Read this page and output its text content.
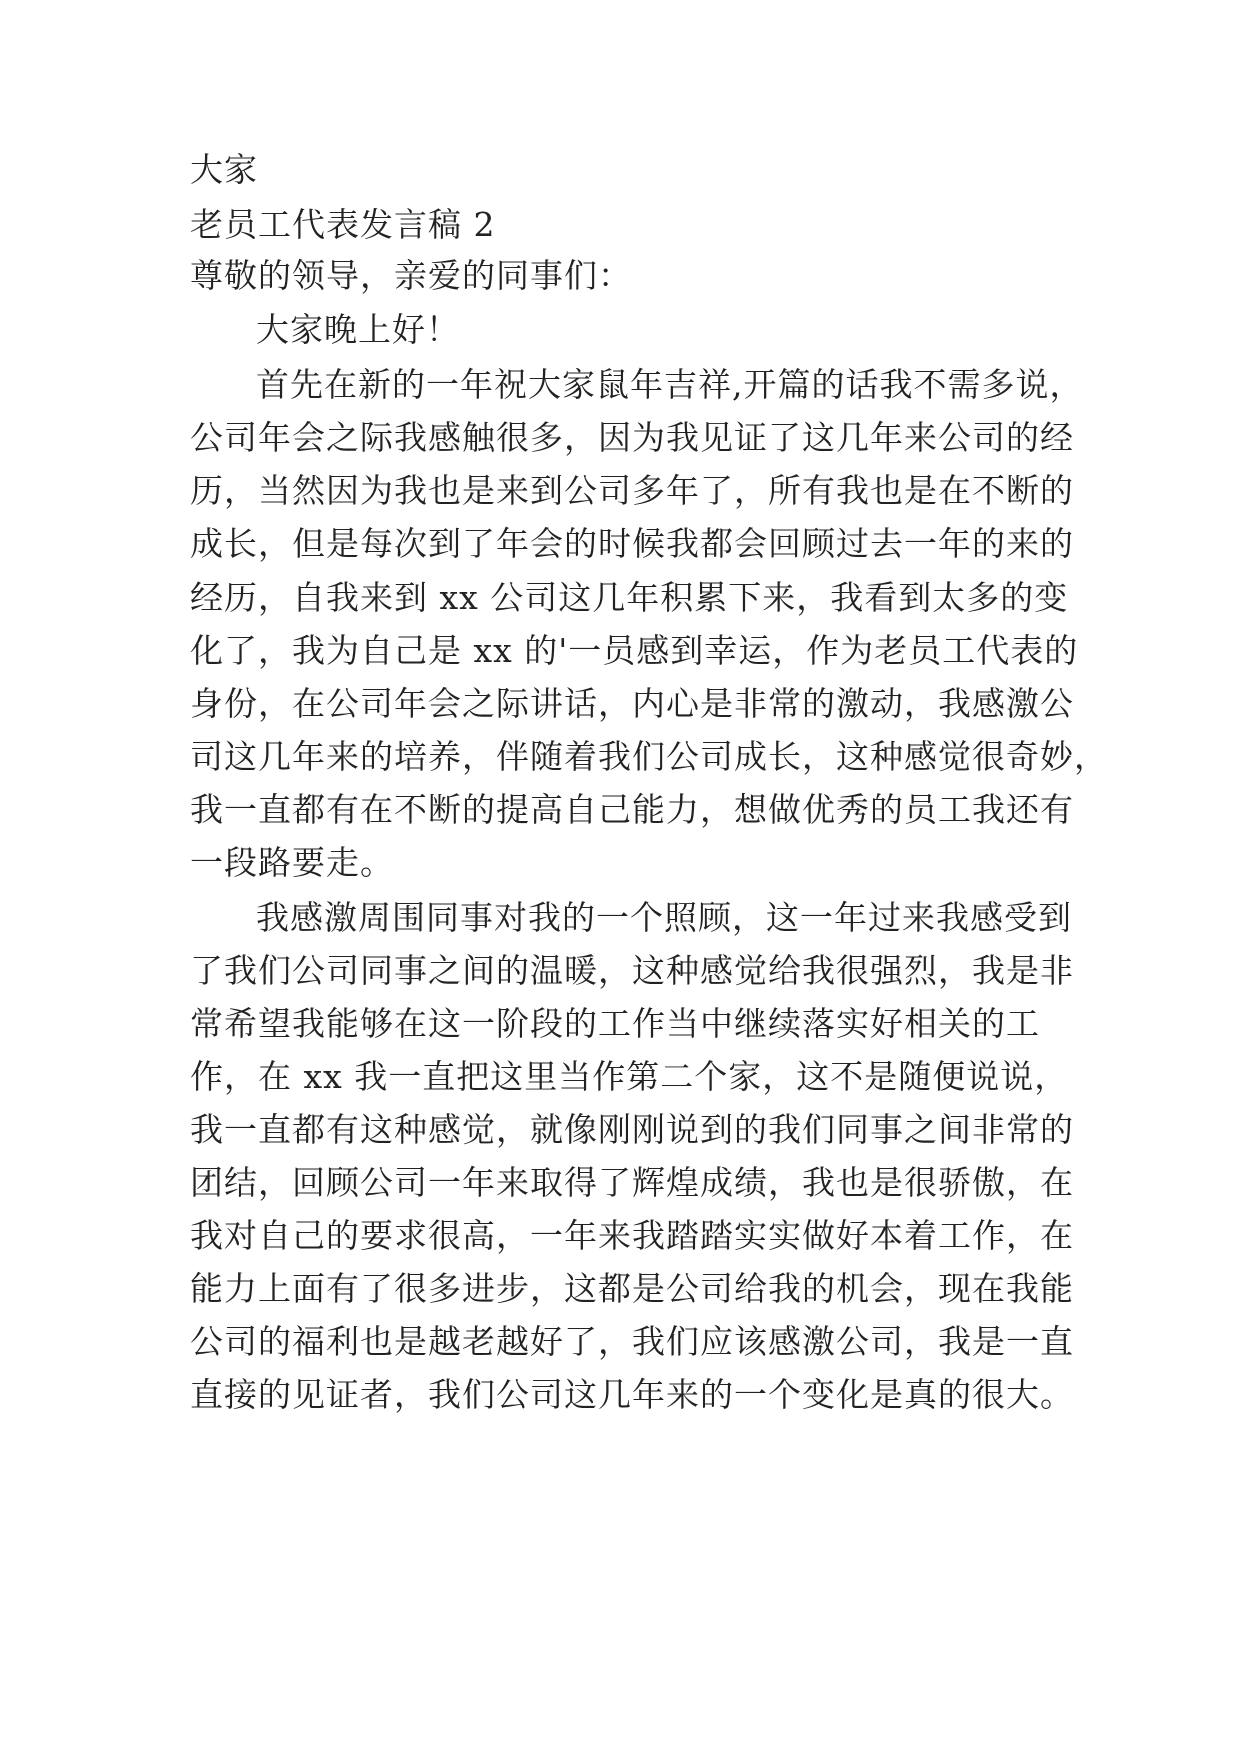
大家
老员工代表发言稿 2
尊敬的领导，亲爱的同事们：
大家晚上好！
首先在新的一年祝大家鼠年吉祥,开篇的话我不需多说，
公司年会之际我感触很多，因为我见证了这几年来公司的经
历，当然因为我也是来到公司多年了，所有我也是在不断的
成长，但是每次到了年会的时候我都会回顾过去一年的来的
经历，自我来到 xx 公司这几年积累下来，我看到太多的变
化了，我为自己是 xx 的'一员感到幸运，作为老员工代表的
身份，在公司年会之际讲话，内心是非常的激动，我感激公
司这几年来的培养，伴随着我们公司成长，这种感觉很奇妙，
我一直都有在不断的提高自己能力，想做优秀的员工我还有
一段路要走。
我感激周围同事对我的一个照顾，这一年过来我感受到
了我们公司同事之间的温暖，这种感觉给我很强烈，我是非
常希望我能够在这一阶段的工作当中继续落实好相关的工
作，在 xx 我一直把这里当作第二个家，这不是随便说说，
我一直都有这种感觉，就像刚刚说到的我们同事之间非常的
团结，回顾公司一年来取得了辉煌成绩，我也是很骄傲，在
我对自己的要求很高，一年来我踏踏实实做好本着工作，在
能力上面有了很多进步，这都是公司给我的机会，现在我能
公司的福利也是越老越好了，我们应该感激公司，我是一直
直接的见证者，我们公司这几年来的一个变化是真的很大。
